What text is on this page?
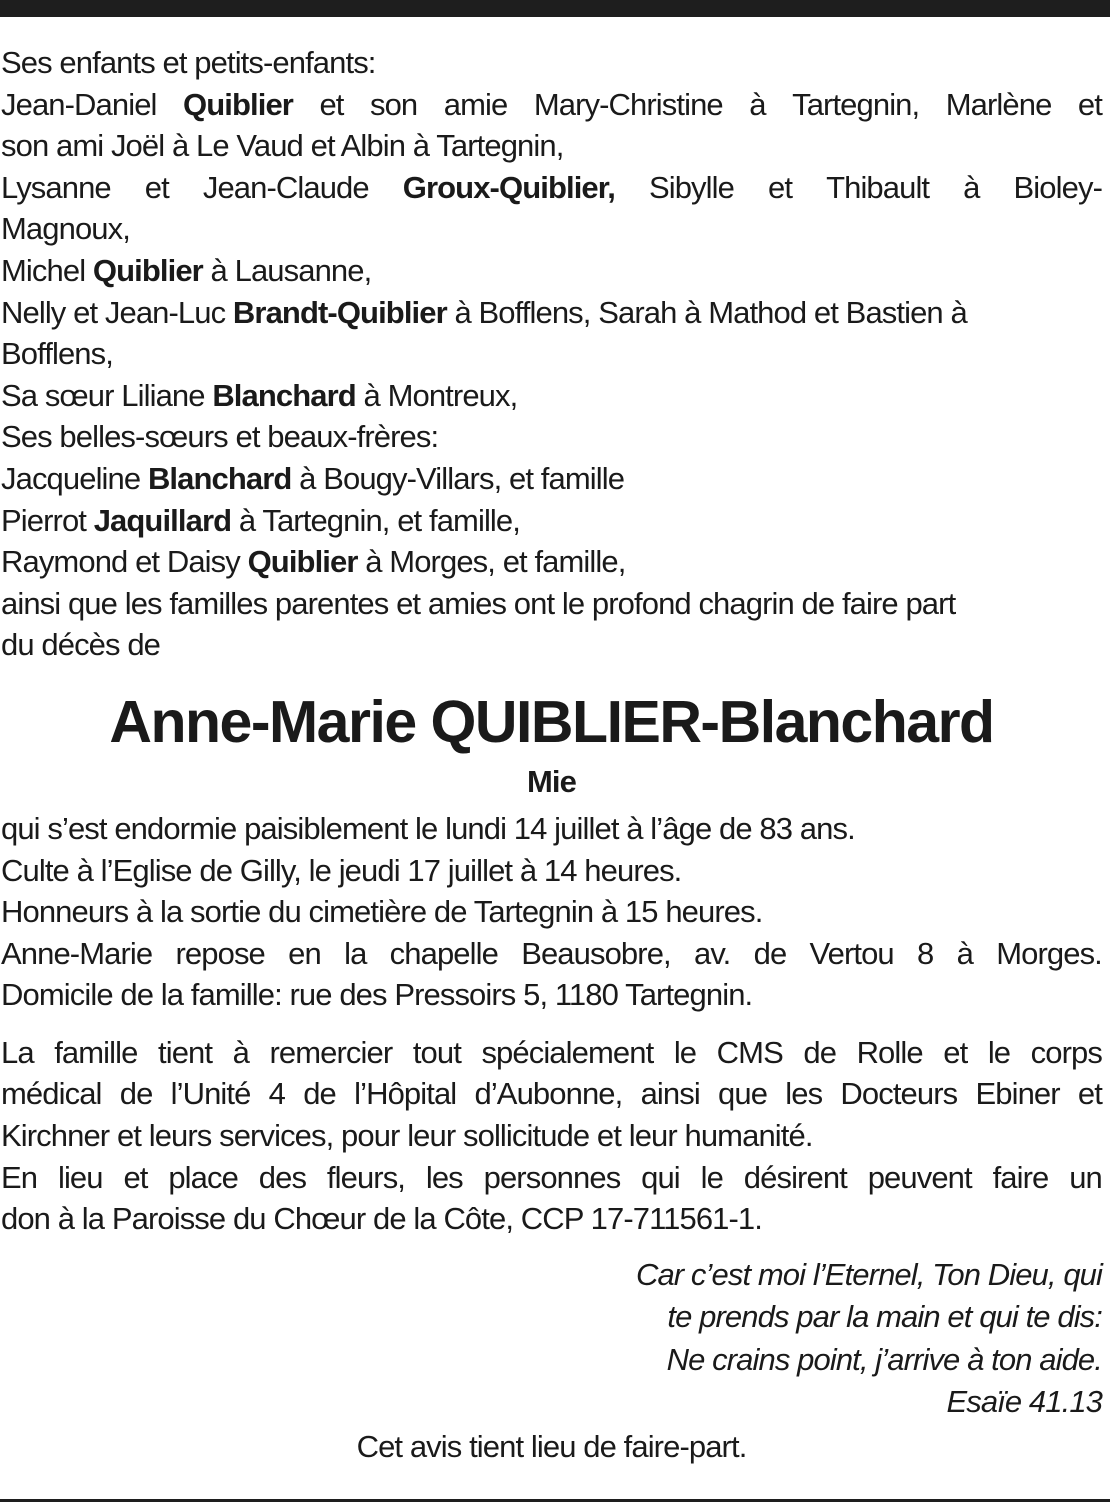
Ses enfants et petits-enfants:
Jean-Daniel Quiblier et son amie Mary-Christine à Tartegnin, Marlène et
son ami Joël à Le Vaud et Albin à Tartegnin,
Lysanne et Jean-Claude Groux-Quiblier, Sibylle et Thibault à Bioley-
Magnoux,
Michel Quiblier à Lausanne,
Nelly et Jean-Luc Brandt-Quiblier à Bofflens, Sarah à Mathod et Bastien à
Bofflens,
Sa sœur Liliane Blanchard à Montreux,
Ses belles-sœurs et beaux-frères:
Jacqueline Blanchard à Bougy-Villars, et famille
Pierrot Jaquillard à Tartegnin, et famille,
Raymond et Daisy Quiblier à Morges, et famille,
ainsi que les familles parentes et amies ont le profond chagrin de faire part
du décès de
Anne-Marie QUIBLIER-Blanchard
Mie
qui s’est endormie paisiblement le lundi 14 juillet à l’âge de 83 ans.
Culte à l’Eglise de Gilly, le jeudi 17 juillet à 14 heures.
Honneurs à la sortie du cimetière de Tartegnin à 15 heures.
Anne-Marie repose en la chapelle Beausobre, av. de Vertou 8 à Morges.
Domicile de la famille: rue des Pressoirs 5, 1180 Tartegnin.
La famille tient à remercier tout spécialement le CMS de Rolle et le corps
médical de l’Unité 4 de l’Hôpital d’Aubonne, ainsi que les Docteurs Ebiner et
Kirchner et leurs services, pour leur sollicitude et leur humanité.
En lieu et place des fleurs, les personnes qui le désirent peuvent faire un
don à la Paroisse du Chœur de la Côte, CCP 17-711561-1.
Car c’est moi l’Eternel, Ton Dieu, qui
te prends par la main et qui te dis:
Ne crains point, j’arrive à ton aide.
Esaïe 41.13
Cet avis tient lieu de faire-part.
